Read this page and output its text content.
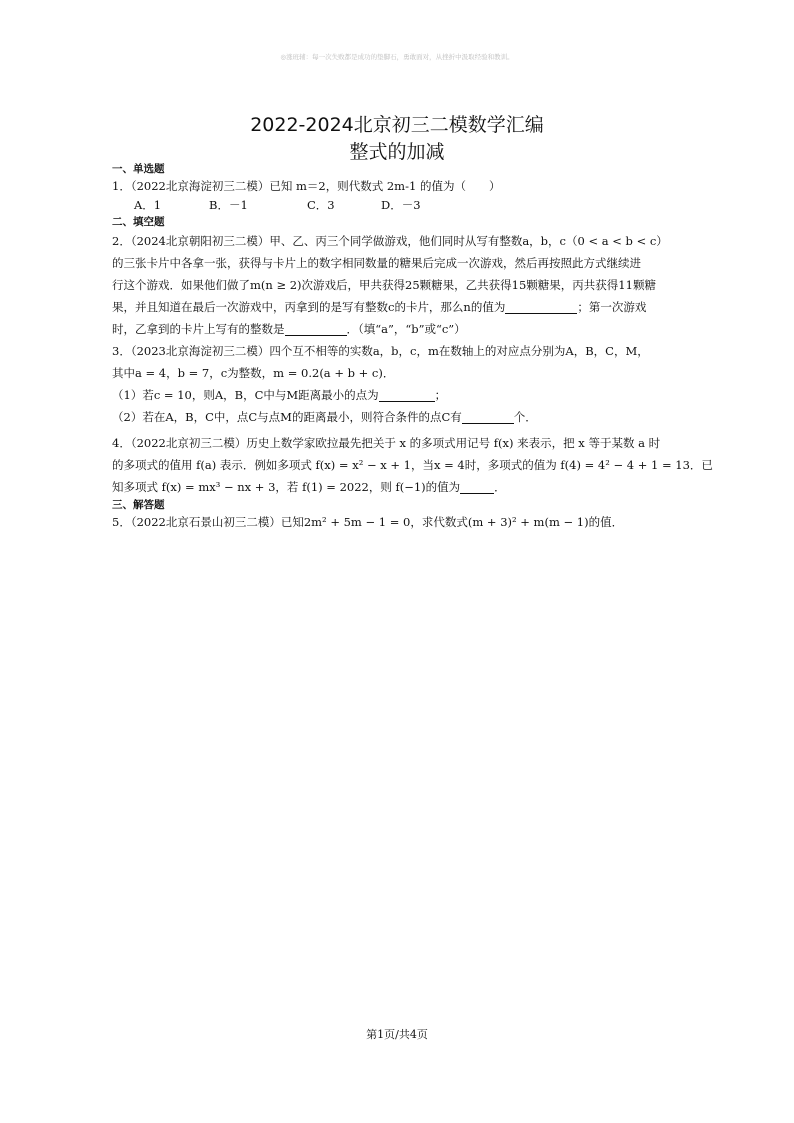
◎涨班辅：每一次失败都是成功的垫脚石，勇敢面对，从挫折中汲取经验和教训。
2022-2024北京初三二模数学汇编
整式的加减
一、单选题
1．（2022北京海淀初三二模）已知 m＝2，则代数式 2m-1 的值为（　　）
A．1	B．－1	C．3	D．－3
二、填空题
2．（2024北京朝阳初三二模）甲、乙、丙三个同学做游戏，他们同时从写有整数a，b，c（0 < a < b < c）
的三张卡片中各拿一张，获得与卡片上的数字相同数量的糖果后完成一次游戏，然后再按照此方式继续进
行这个游戏．如果他们做了m(n ≥ 2)次游戏后，甲共获得25颗糖果，乙共获得15颗糖果，丙共获得11颗糖
果，并且知道在最后一次游戏中，丙拿到的是写有整数c的卡片，那么n的值为	；第一次游戏
时，乙拿到的卡片上写有的整数是	．（填“a”，“b”或“c”）
3．（2023北京海淀初三二模）四个互不相等的实数a，b，c，m在数轴上的对应点分别为A，B，C，M，
其中a = 4，b = 7，c为整数，m = 0.2(a + b + c)．
（1）若c = 10，则A，B，C中与M距离最小的点为	；
（2）若在A，B，C中，点C与点M的距离最小，则符合条件的点C有	个．
4．（2022北京初三二模）历史上数学家欧拉最先把关于 x 的多项式用记号 f(x) 来表示，把 x 等于某数 a 时
的多项式的值用 f(a) 表示．例如多项式 f(x) = x² − x + 1，当x = 4时，多项式的值为 f(4) = 4² − 4 + 1 = 13．已
知多项式 f(x) = mx³ − nx + 3，若 f(1) = 2022，则 f(−1)的值为	．
三、解答题
5．（2022北京石景山初三二模）已知2m² + 5m − 1 = 0，求代数式(m + 3)² + m(m − 1)的值．
第1页/共4页
